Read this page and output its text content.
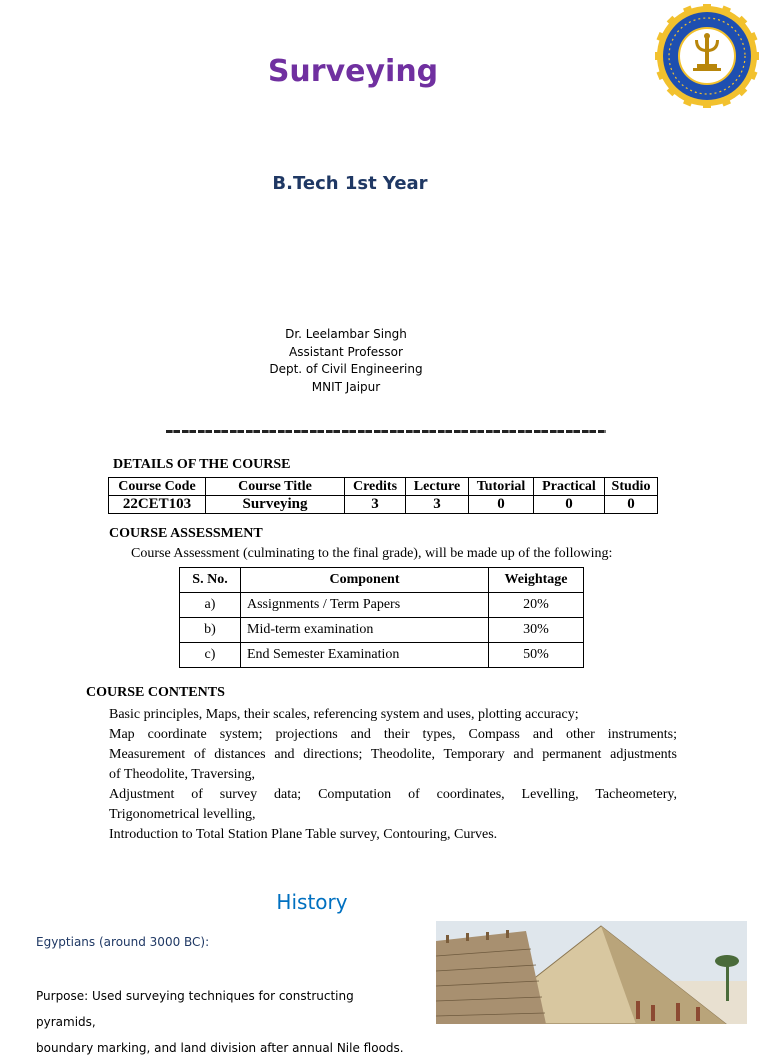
Surveying
B.Tech 1st Year
Dr. Leelambar Singh
Assistant Professor
Dept. of Civil Engineering
MNIT Jaipur
DETAILS OF THE COURSE
Course Code	Course Title	Credits	Lecture	Tutorial	Practical	Studio
22CET103	Surveying	3	3	0	0	0
COURSE ASSESSMENT
Course Assessment (culminating to the final grade), will be made up of the following:
S. No.	Component	Weightage
a)	Assignments / Term Papers	20%
b)	Mid-term examination	30%
c)	End Semester Examination	50%
COURSE CONTENTS
Basic principles, Maps, their scales, referencing system and uses, plotting accuracy;
Map coordinate system; projections and their types, Compass and other instruments;
Measurement of distances and directions; Theodolite, Temporary and permanent adjustments
of Theodolite, Traversing,
Adjustment of survey data; Computation of coordinates, Levelling, Tacheometery,
Trigonometrical levelling,
Introduction to Total Station Plane Table survey, Contouring, Curves.
History
Egyptians (around 3000 BC):
Purpose: Used surveying techniques for constructing pyramids,
boundary marking, and land division after annual Nile floods.
